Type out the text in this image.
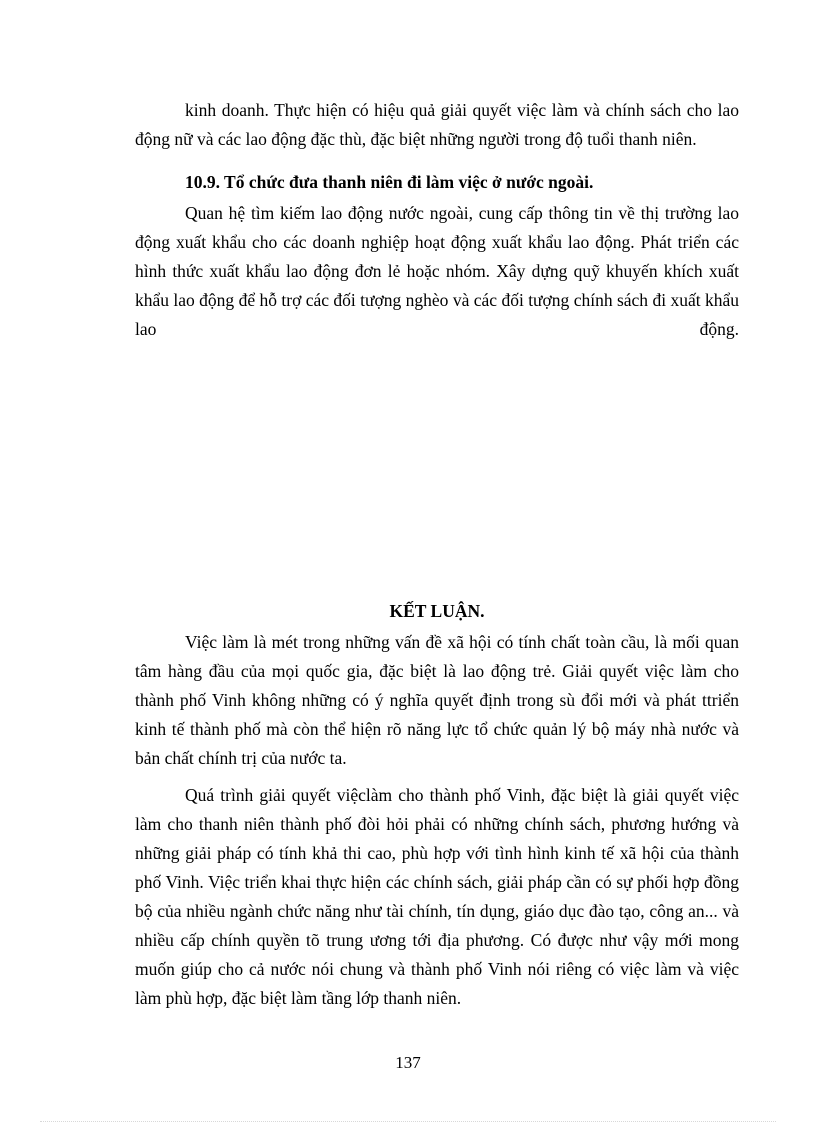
kinh doanh. Thực hiện có hiệu quả giải quyết việc làm và chính sách cho lao động nữ và các lao động đặc thù, đặc biệt những người trong độ tuổi thanh niên.

10.9. Tổ chức đưa thanh niên đi làm việc ở nước ngoài.

Quan hệ tìm kiếm lao động nước ngoài, cung cấp thông tin về thị trường lao động xuất khẩu cho các doanh nghiệp hoạt động xuất khẩu lao động. Phát triển các hình thức xuất khẩu lao động đơn lẻ hoặc nhóm. Xây dựng quỹ khuyến khích xuất khẩu lao động để hỗ trợ các đối tượng nghèo và các đối tượng chính sách đi xuất khẩu lao động.

KẾT LUẬN.

Việc làm là mét trong những vấn đề xã hội có tính chất toàn cầu, là mối quan tâm hàng đầu của mọi quốc gia, đặc biệt là lao động trẻ. Giải quyết việc làm cho thành phố Vinh không những có ý nghĩa quyết định trong sù đổi mới và phát ttriển kinh tế thành phố mà còn thể hiện rõ năng lực tổ chức quản lý bộ máy nhà nước và bản chất chính trị của nước ta.

Quá trình giải quyết việclàm cho thành phố Vinh, đặc biệt là giải quyết việc làm cho thanh niên thành phố đòi hỏi phải có những chính sách, phương hướng và những giải pháp có tính khả thi cao, phù hợp với tình hình kinh tế xã hội của thành phố Vinh. Việc triển khai thực hiện các chính sách, giải pháp cần có sự phối hợp đồng bộ của nhiều ngành chức năng như tài chính, tín dụng, giáo dục đào tạo, công an... và nhiều cấp chính quyền tõ trung ương tới địa phương. Có được như vậy mới mong muốn giúp cho cả nước nói chung và thành phố Vinh nói riêng có việc làm và việc làm phù hợp, đặc biệt làm tầng lớp thanh niên.

137
